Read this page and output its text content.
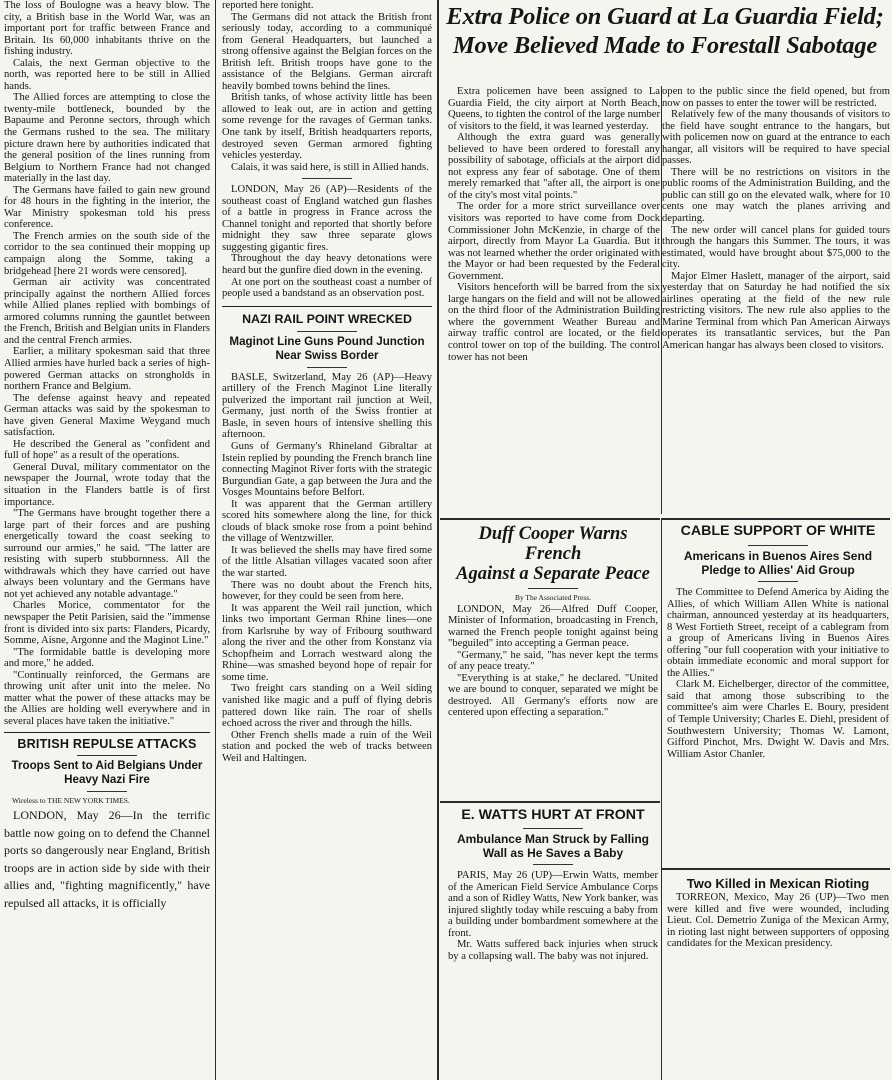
The loss of Boulogne was a heavy blow. The city, a British base in the World War, was an important port for traffic between France and Britain. Its 60,000 inhabitants thrive on the fishing industry.

Calais, the next German objective to the north, was reported here to be still in Allied hands.

The Allied forces are attempting to close the twenty-mile bottleneck, bounded by the Bapaume and Peronne sectors, through which the Germans rushed to the sea. The military picture drawn here by authorities indicated that the general position of the lines running from Belgium to Northern France had not changed materially in the last day.

The Germans have failed to gain new ground for 48 hours in the fighting in the interior, the War Ministry spokesman told his press conference.

The French armies on the south side of the corridor to the sea continued their mopping up campaign along the Somme, taking a bridgehead [here 21 words were censored].

German air activity was concentrated principally against the northern Allied forces while Allied planes replied with bombings of armored columns running the gauntlet between the French, British and Belgian units in Flanders and the central French armies.

Earlier, a military spokesman said that three Allied armies have hurled back a series of high-powered German attacks on strongholds in northern France and Belgium.

The defense against heavy and repeated German attacks was said by the spokesman to have given General Maxime Weygand much satisfaction.

He described the General as "confident and full of hope" as a result of the operations.

General Duval, military commentator on the newspaper the Journal, wrote today that the situation in the Flanders battle is of first importance.

"The Germans have brought together there a large part of their forces and are pushing energetically toward the coast seeking to surround our armies," he said. "The latter are resisting with superb stubbornness. All the withdrawals which they have carried out have always been voluntary and the Germans have not yet achieved any notable advantage."

Charles Morice, commentator for the newspaper the Petit Parisien, said the "immense front is divided into six parts: Flanders, Picardy, Somme, Aisne, Argonne and the Maginot Line."

"The formidable battle is developing more and more," he added.

"Continually reinforced, the Germans are throwing unit after unit into the melee. No matter what the power of these attacks may be the Allies are holding well everywhere and in several places have taken the initiative."

BRITISH REPULSE ATTACKS
Troops Sent to Aid Belgians Under Heavy Nazi Fire

Wireless to THE NEW YORK TIMES.

LONDON, May 26—In the terrific battle now going on to defend the Channel ports so dangerously near England, British troops are in action side by side with their allies and, "fighting magnificently," have repulsed all attacks, it is officially

reported here tonight.

The Germans did not attack the British front seriously today, according to a communiqué from General Headquarters, but launched a strong offensive against the Belgian forces on the British left. British troops have gone to the assistance of the Belgians. German aircraft heavily bombed towns behind the lines.

British tanks, of whose activity little has been allowed to leak out, are in action and getting some revenge for the ravages of German tanks. One tank by itself, British headquarters reports, destroyed seven German armored fighting vehicles yesterday.

Calais, it was said here, is still in Allied hands.

LONDON, May 26 (AP)—Residents of the southeast coast of England watched gun flashes of a battle in progress in France across the Channel tonight and reported that shortly before midnight they saw three separate glows suggesting gigantic fires.

Throughout the day heavy detonations were heard but the gunfire died down in the evening.

At one port on the southeast coast a number of people used a bandstand as an observation post.

NAZI RAIL POINT WRECKED
Maginot Line Guns Pound Junction Near Swiss Border

BASLE, Switzerland, May 26 (AP)—Heavy artillery of the French Maginot Line literally pulverized the important rail junction at Weil, Germany, just north of the Swiss frontier at Basle, in seven hours of intensive shelling this afternoon.

Guns of Germany's Rhineland Gibraltar at Istein replied by pounding the French branch line connecting Maginot River forts with the strategic Burgundian Gate, a gap between the Jura and the Vosges Mountains before Belfort.

It was apparent that the German artillery scored hits somewhere along the line, for thick clouds of black smoke rose from a point behind the village of Wentzwiller.

It was believed the shells may have fired some of the little Alsatian villages vacated soon after the war started.

There was no doubt about the French hits, however, for they could be seen from here.

It was apparent the Weil rail junction, which links two important German Rhine lines—one from Karlsruhe by way of Fribourg southward along the river and the other from Konstanz via Schopfheim and Lorrach westward along the Rhine—was smashed beyond hope of repair for some time.

Two freight cars standing on a Weil siding vanished like magic and a puff of flying debris pattered down like rain. The roar of shells echoed across the river and through the hills.

Other French shells made a ruin of the Weil station and pocked the web of tracks between Weil and Haltingen.

Extra Police on Guard at La Guardia Field; Move Believed Made to Forestall Sabotage

Extra policemen have been assigned to La Guardia Field, the city airport at North Beach, Queens, to tighten the control of the large number of visitors to the field, it was learned yesterday.

Although the extra guard was generally believed to have been ordered to forestall any possibility of sabotage, officials at the airport did not express any fear of sabotage. One of them merely remarked that "after all, the airport is one of the city's most vital points."

The order for a more strict surveillance over visitors was reported to have come from Dock Commissioner John McKenzie, in charge of the airport, directly from Mayor La Guardia. But it was not learned whether the order originated with the Mayor or had been requested by the Federal Government.

Visitors henceforth will be barred from the six large hangars on the field and will not be allowed on the third floor of the Administration Building where the government Weather Bureau and airway traffic control are located, or the field control tower on top of the building. The control tower has not been

open to the public since the field opened, but from now on passes to enter the tower will be restricted.

Relatively few of the many thousands of visitors to the field have sought entrance to the hangars, but with policemen now on guard at the entrance to each hangar, all visitors will be required to have special passes.

There will be no restrictions on visitors in the public rooms of the Administration Building, and the public can still go on the elevated walk, where for 10 cents one may watch the planes arriving and departing.

The new order will cancel plans for guided tours through the hangars this Summer. The tours, it was estimated, would have brought about $75,000 to the city.

Major Elmer Haslett, manager of the airport, said yesterday that on Saturday he had notified the six airlines operating at the field of the new rule restricting visitors. The new rule also applies to the Marine Terminal from which Pan American Airways operates its transatlantic services, but the Pan American hangar has always been closed to visitors.

Duff Cooper Warns French
Against a Separate Peace

By The Associated Press.

LONDON, May 26—Alfred Duff Cooper, Minister of Information, broadcasting in French, warned the French people tonight against being "beguiled" into accepting a German peace.

"Germany," he said, "has never kept the terms of any peace treaty."

"Everything is at stake," he declared. "United we are bound to conquer, separated we might be destroyed. All Germany's efforts now are centered upon effecting a separation."

E. WATTS HURT AT FRONT
Ambulance Man Struck by Falling Wall as He Saves a Baby

PARIS, May 26 (UP)—Erwin Watts, member of the American Field Service Ambulance Corps and a son of Ridley Watts, New York banker, was injured slightly today while rescuing a baby from a building under bombardment somewhere at the front.

Mr. Watts suffered back injuries when struck by a collapsing wall. The baby was not injured.

CABLE SUPPORT OF WHITE
Americans in Buenos Aires Send Pledge to Allies' Aid Group

The Committee to Defend America by Aiding the Allies, of which William Allen White is national chairman, announced yesterday at its headquarters, 8 West Fortieth Street, receipt of a cablegram from a group of Americans living in Buenos Aires offering "our full cooperation with your initiative to obtain immediate economic and moral support for the Allies."

Clark M. Eichelberger, director of the committee, said that among those subscribing to the committee's aim were Charles E. Boury, president of Temple University; Charles E. Diehl, president of Southwestern University; Thomas W. Lamont, Gifford Pinchot, Mrs. Dwight W. Davis and Mrs. William Astor Chanler.

Two Killed in Mexican Rioting

TORREON, Mexico, May 26 (UP)—Two men were killed and five were wounded, including Lieut. Col. Demetrio Zuniga of the Mexican Army, in rioting last night between supporters of opposing candidates for the Mexican presidency.
